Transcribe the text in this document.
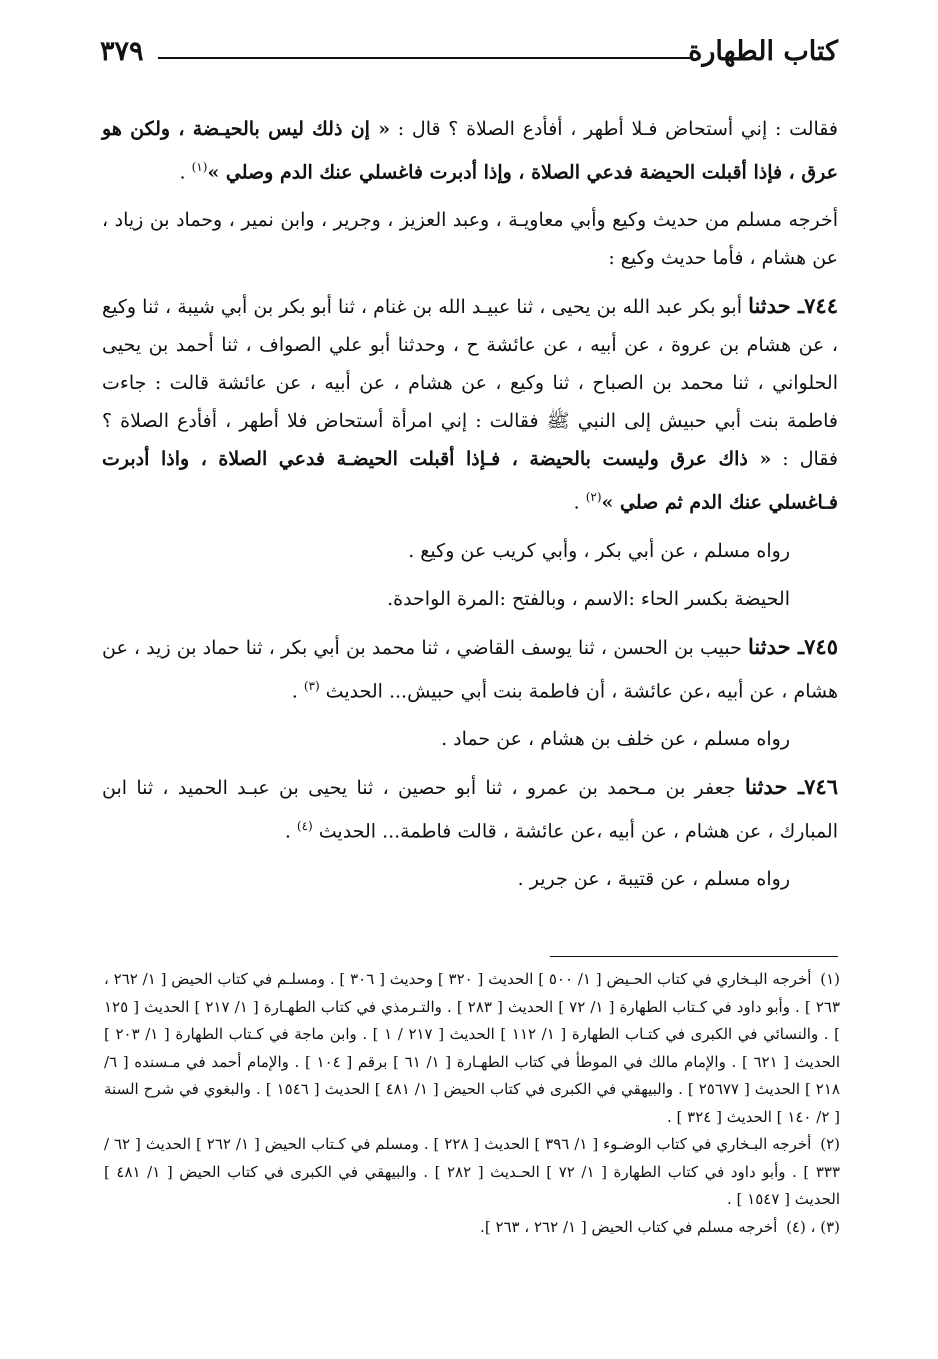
كتاب الطهارة
٣٧٩

فقالت : إني أستحاض فـلا أطهر ، أفأدع الصلاة ؟ قال : « إن ذلك ليس بالحيـضة ، ولكن هو عرق ، فإذا أقبلت الحيضة فدعي الصلاة ، وإذا أدبرت فاغسلي عنك الدم وصلي »$^{(١)}$ .

أخرجه مسلم من حديث وكيع وأبي معاويـة ، وعبد العزيز ، وجرير ، وابن نمير ، وحماد بن زياد ، عن هشام ، فأما حديث وكيع :

٧٤٤ـ حدثنا أبو بكر عبد الله بن يحيى ، ثنا عبيـد الله بن غنام ، ثنا أبو بكر بن أبي شيبة ، ثنا وكيع ، عن هشام بن عروة ، عن أبيه ، عن عائشة ح ، وحدثنا أبو علي الصواف ، ثنا أحمد بن يحيى الحلواني ، ثنا محمد بن الصباح ، ثنا وكيع ، عن هشام ، عن أبيه ، عن عائشة قالت : جاءت فاطمة بنت أبي حبيش إلى النبي ﷺ فقالت : إني امرأة أستحاض فلا أطهر ، أفأدع الصلاة ؟ فقال : « ذاك عرق وليست بالحيضة ، فـإذا أقبلت الحيضـة فدعي الصلاة ، واذا أدبرت فـاغسلي عنك الدم ثم صلي »$^{(٢)}$ .

رواه مسلم ، عن أبي بكر ، وأبي كريب عن وكيع .

الحيضة بكسر الحاء :الاسم ، وبالفتح :المرة الواحدة.

٧٤٥ـ حدثنا حبيب بن الحسن ، ثنا يوسف القاضي ، ثنا محمد بن أبي بكر ، ثنا حماد بن زيد ، عن هشام ، عن أبيه ،عن عائشة ، أن فاطمة بنت أبي حبيش... الحديث $^{(٣)}$ .

رواه مسلم ، عن خلف بن هشام ، عن حماد .

٧٤٦ـ حدثنا جعفر بن مـحمد بن عمرو ، ثنا أبو حصين ، ثنا يحيى بن عبـد الحميد ، ثنا ابن المبارك ، عن هشام ، عن أبيه ،عن عائشة ، قالت فاطمة... الحديث $^{(٤)}$ .

رواه مسلم ، عن قتيبة ، عن جرير .

(١) أخرجه البـخاري في كتاب الحـيض [ ١/ ٥٠٠ ] الحديث [ ٣٢٠ ] وحديث [ ٣٠٦ ] . ومسلـم في كتاب الحيض [ ١/ ٢٦٢ ، ٢٦٣ ] . وأبو داود في كـتاب الطهارة [ ١/ ٧٢ ] الحديث [ ٢٨٣ ] . والتـرمذي في كتاب الطهـارة [ ١/ ٢١٧ ] الحديث [ ١٢٥ ] . والنسائي في الكبرى في كتـاب الطهارة [ ١/ ١١٢ ] الحديث [ ٢١٧ / ١ ] . وابن ماجة في كـتاب الطهارة [ ١/ ٢٠٣ ] الحديث [ ٦٢١ ] . والإمام مالك في الموطأ في كتاب الطهـارة [ ١/ ٦١ ] برقم [ ١٠٤ ] . والإمام أحمد في مـسنده [ ٦/ ٢١٨ ] الحديث [ ٢٥٦٧٧ ] . والبيهقي في الكبرى في كتاب الحيض [ ١/ ٤٨١ ] الحديث [ ١٥٤٦ ] . والبغوي في شرح السنة [ ٢/ ١٤٠ ] الحديث [ ٣٢٤ ] .

(٢) أخرجه البـخاري في كتاب الوضـوء [ ١/ ٣٩٦ ] الحديث [ ٢٢٨ ] . ومسلم في كـتاب الحيض [ ١/ ٢٦٢ ] الحديث [ ٦٢ / ٣٣٣ ] . وأبو داود في كتاب الطهارة [ ١/ ٧٢ ] الحـديث [ ٢٨٢ ] . والبيهقي في الكبرى في كتاب الحيض [ ١/ ٤٨١ ] الحديث [ ١٥٤٧ ] .

(٣) ، (٤) أخرجه مسلم في كتاب الحيض [ ١/ ٢٦٢ ، ٢٦٣ ].
